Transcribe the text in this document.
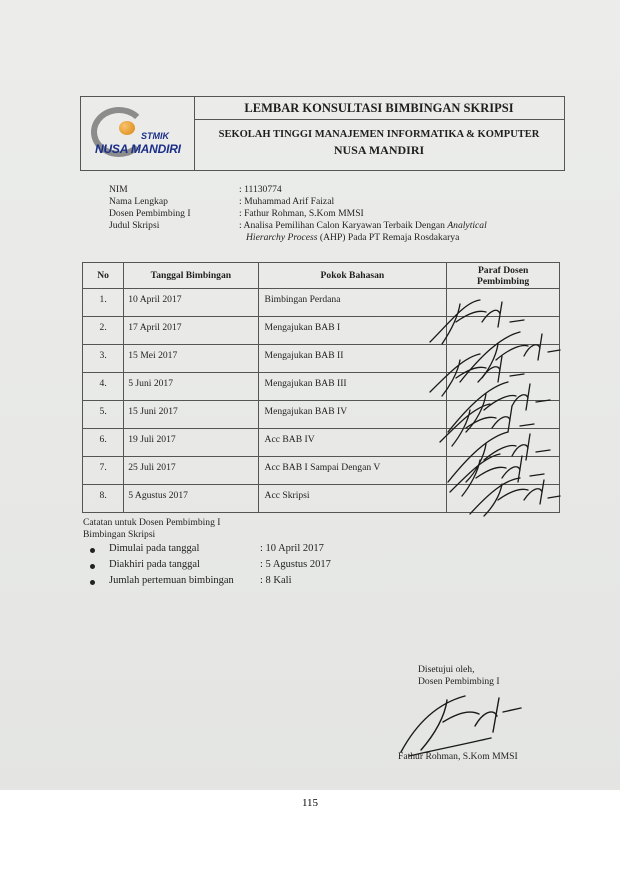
STMIK
NUSA MANDIRI
LEMBAR KONSULTASI BIMBINGAN SKRIPSI
SEKOLAH TINGGI MANAJEMEN INFORMATIKA & KOMPUTER
NUSA MANDIRI
NIM	: 11130774
Nama Lengkap	: Muhammad Arif Faizal
Dosen Pembimbing I	: Fathur Rohman, S.Kom MMSI
Judul Skripsi	: Analisa Pemilihan Calon Karyawan Terbaik Dengan Analytical
Hierarchy Process (AHP) Pada PT Remaja Rosdakarya
No	Tanggal Bimbingan	Pokok Bahasan	Paraf Dosen Pembimbing

1.	10 April 2017	Bimbingan Perdana	

2.	17 April 2017	Mengajukan BAB I	

3.	15 Mei 2017	Mengajukan BAB II	

4.	5 Juni 2017	Mengajukan BAB III	

5.	15 Juni 2017	Mengajukan BAB IV	

6.	19 Juli 2017	Acc BAB IV	

7.	25 Juli 2017	Acc BAB I Sampai Dengan V	

8.	5 Agustus 2017	Acc Skripsi	

Catatan untuk Dosen Pembimbing I
Bimbingan Skripsi
Dimulai pada tanggal	: 10 April 2017
Diakhiri pada tanggal	: 5 Agustus 2017
Jumlah pertemuan bimbingan : 8 Kali
Disetujui oleh,
Dosen Pembimbing I
Fathur Rohman, S.Kom MMSI
115
